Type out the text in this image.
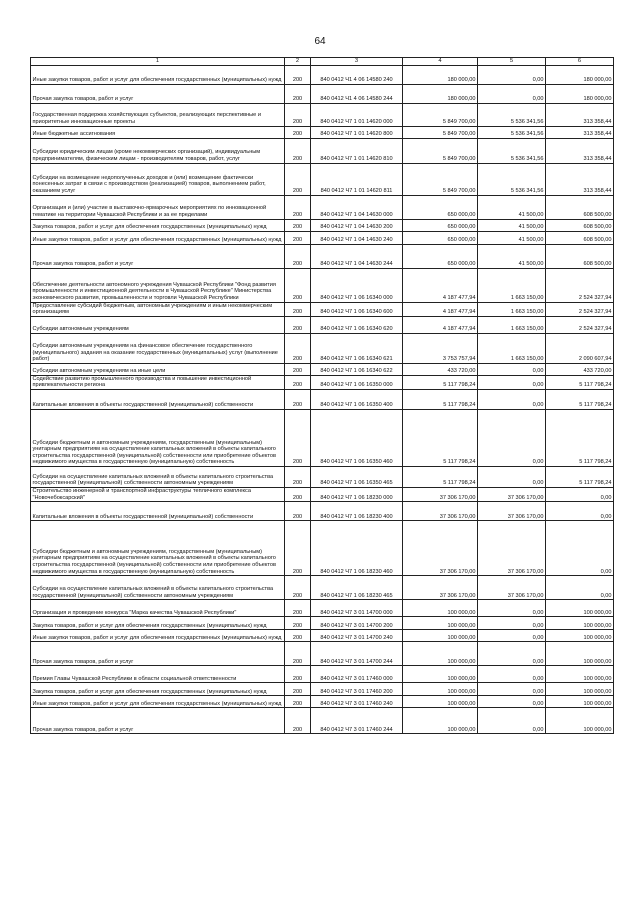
64
1	2	3	4	5	6
Иные закупки товаров, работ и услуг для обеспечения государственных (муниципальных) нужд	200	840 0412 Ч1 4 06 14580 240	180 000,00	0,00	180 000,00
Прочая закупка товаров, работ и услуг	200	840 0412 Ч1 4 06 14580 244	180 000,00	0,00	180 000,00
Государственная поддержка хозяйствующих субъектов, реализующих перспективные и приоритетные инновационные проекты	200	840 0412 Ч7 1 01 14620 000	5 849 700,00	5 536 341,56	313 358,44
Иные бюджетные ассигнования	200	840 0412 Ч7 1 01 14620 800	5 849 700,00	5 536 341,56	313 358,44
Субсидии юридическим лицам (кроме некоммерческих организаций), индивидуальным предпринимателям, физическим лицам - производителям товаров, работ, услуг	200	840 0412 Ч7 1 01 14620 810	5 849 700,00	5 536 341,56	313 358,44
Субсидии на возмещение недополученных доходов и (или) возмещение фактически понесенных затрат в связи с производством (реализацией) товаров, выполнением работ, оказанием услуг	200	840 0412 Ч7 1 01 14620 811	5 849 700,00	5 536 341,56	313 358,44
Организация и (или) участие в выставочно-ярмарочных мероприятиях по инновационной тематике на территории Чувашской Республики и за ее пределами	200	840 0412 Ч7 1 04 14630 000	650 000,00	41 500,00	608 500,00
Закупка товаров, работ и услуг для обеспечения государственных (муниципальных) нужд	200	840 0412 Ч7 1 04 14630 200	650 000,00	41 500,00	608 500,00
Иные закупки товаров, работ и услуг для обеспечения государственных (муниципальных) нужд	200	840 0412 Ч7 1 04 14630 240	650 000,00	41 500,00	608 500,00
Прочая закупка товаров, работ и услуг	200	840 0412 Ч7 1 04 14630 244	650 000,00	41 500,00	608 500,00
Обеспечение деятельности автономного учреждения Чувашской Республики "Фонд развития промышленности и инвестиционной деятельности в Чувашской Республике" Министерства экономического развития, промышленности и торговли Чувашской Республики	200	840 0412 Ч7 1 06 16340 000	4 187 477,94	1 663 150,00	2 524 327,94
Предоставление субсидий бюджетным, автономным учреждениям и иным некоммерческим организациям	200	840 0412 Ч7 1 06 16340 600	4 187 477,94	1 663 150,00	2 524 327,94
Субсидии автономным учреждениям	200	840 0412 Ч7 1 06 16340 620	4 187 477,94	1 663 150,00	2 524 327,94
Субсидии автономным учреждениям на финансовое обеспечение государственного (муниципального) задания на оказание государственных (муниципальных) услуг (выполнение работ)	200	840 0412 Ч7 1 06 16340 621	3 753 757,94	1 663 150,00	2 090 607,94
Субсидии автономным учреждениям на иные цели	200	840 0412 Ч7 1 06 16340 622	433 720,00	0,00	433 720,00
Содействие развитию промышленного производства и повышение инвестиционной привлекательности региона	200	840 0412 Ч7 1 06 16350 000	5 117 798,24	0,00	5 117 798,24
Капитальные вложения в объекты государственной (муниципальной) собственности	200	840 0412 Ч7 1 06 16350 400	5 117 798,24	0,00	5 117 798,24
Субсидии бюджетным и автономным учреждениям, государственным (муниципальным) унитарным предприятиям на осуществление капитальных вложений в объекты капитального строительства государственной (муниципальной) собственности или приобретение объектов недвижимого имущества в государственную (муниципальную) собственность	200	840 0412 Ч7 1 06 16350 460	5 117 798,24	0,00	5 117 798,24
Субсидии на осуществление капитальных вложений в объекты капитального строительства государственной (муниципальной) собственности автономным учреждениям	200	840 0412 Ч7 1 06 16350 465	5 117 798,24	0,00	5 117 798,24
Строительство инженерной и транспортной инфраструктуры тепличного комплекса "Новочебоксарский"	200	840 0412 Ч7 1 06 18230 000	37 306 170,00	37 306 170,00	0,00
Капитальные вложения в объекты государственной (муниципальной) собственности	200	840 0412 Ч7 1 06 18230 400	37 306 170,00	37 306 170,00	0,00
Субсидии бюджетным и автономным учреждениям, государственным (муниципальным) унитарным предприятиям на осуществление капитальных вложений в объекты капитального строительства государственной (муниципальной) собственности или приобретение объектов недвижимого имущества в государственную (муниципальную) собственность	200	840 0412 Ч7 1 06 18230 460	37 306 170,00	37 306 170,00	0,00
Субсидии на осуществление капитальных вложений в объекты капитального строительства государственной (муниципальной) собственности автономным учреждениям	200	840 0412 Ч7 1 06 18230 465	37 306 170,00	37 306 170,00	0,00
Организация и проведение конкурса "Марка качества Чувашской Республики"	200	840 0412 Ч7 3 01 14700 000	100 000,00	0,00	100 000,00
Закупка товаров, работ и услуг для обеспечения государственных (муниципальных) нужд	200	840 0412 Ч7 3 01 14700 200	100 000,00	0,00	100 000,00
Иные закупки товаров, работ и услуг для обеспечения государственных (муниципальных) нужд	200	840 0412 Ч7 3 01 14700 240	100 000,00	0,00	100 000,00
Прочая закупка товаров, работ и услуг	200	840 0412 Ч7 3 01 14700 244	100 000,00	0,00	100 000,00
Премия Главы Чувашской Республики в области социальной ответственности	200	840 0412 Ч7 3 01 17460 000	100 000,00	0,00	100 000,00
Закупка товаров, работ и услуг для обеспечения государственных (муниципальных) нужд	200	840 0412 Ч7 3 01 17460 200	100 000,00	0,00	100 000,00
Иные закупки товаров, работ и услуг для обеспечения государственных (муниципальных) нужд	200	840 0412 Ч7 3 01 17460 240	100 000,00	0,00	100 000,00
Прочая закупка товаров, работ и услуг	200	840 0412 Ч7 3 01 17460 244	100 000,00	0,00	100 000,00
